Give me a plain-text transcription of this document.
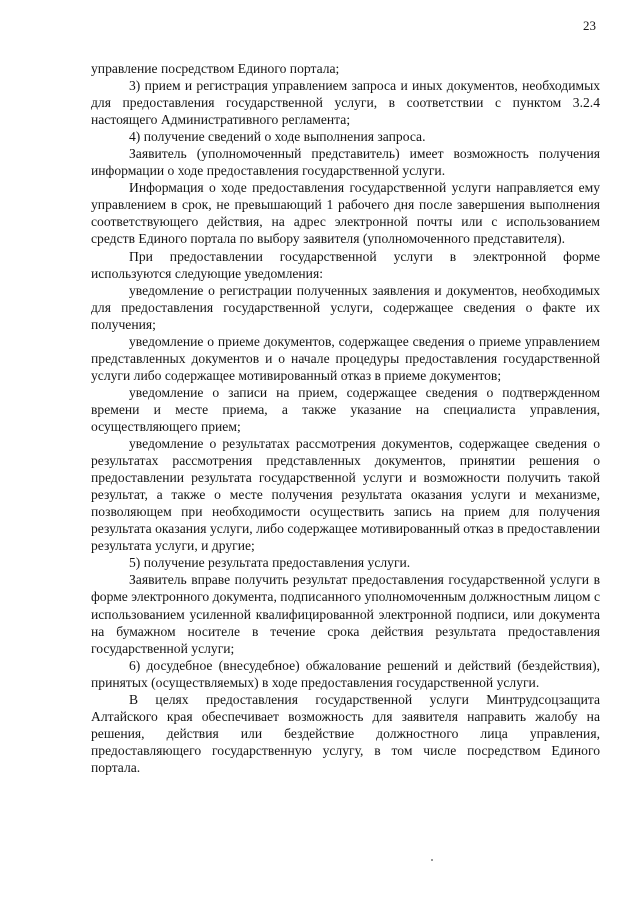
23

управление посредством Единого портала;

3) прием и регистрация управлением запроса и иных документов, необходимых для предоставления государственной услуги, в соответствии с пунктом 3.2.4 настоящего Административного регламента;

4) получение сведений о ходе выполнения запроса.

Заявитель (уполномоченный представитель) имеет возможность получения информации о ходе предоставления государственной услуги.

Информация о ходе предоставления государственной услуги направляется ему управлением в срок, не превышающий 1 рабочего дня после завершения выполнения соответствующего действия, на адрес электронной почты или с использованием средств Единого портала по выбору заявителя (уполномоченного представителя).

При предоставлении государственной услуги в электронной форме используются следующие уведомления:

уведомление о регистрации полученных заявления и документов, необходимых для предоставления государственной услуги, содержащее сведения о факте их получения;

уведомление о приеме документов, содержащее сведения о приеме управлением представленных документов и о начале процедуры предоставления государственной услуги либо содержащее мотивированный отказ в приеме документов;

уведомление о записи на прием, содержащее сведения о подтвержденном времени и месте приема, а также указание на специалиста управления, осуществляющего прием;

уведомление о результатах рассмотрения документов, содержащее сведения о результатах рассмотрения представленных документов, принятии решения о предоставлении результата государственной услуги и возможности получить такой результат, а также о месте получения результата оказания услуги и механизме, позволяющем при необходимости осуществить запись на прием для получения результата оказания услуги, либо содержащее мотивированный отказ в предоставлении результата услуги, и другие;

5) получение результата предоставления услуги.

Заявитель вправе получить результат предоставления государственной услуги в форме электронного документа, подписанного уполномоченным должностным лицом с использованием усиленной квалифицированной электронной подписи, или документа на бумажном носителе в течение срока действия результата предоставления государственной услуги;

6) досудебное (внесудебное) обжалование решений и действий (бездействия), принятых (осуществляемых) в ходе предоставления государственной услуги.

В целях предоставления государственной услуги Минтрудсоцзащита Алтайского края обеспечивает возможность для заявителя направить жалобу на решения, действия или бездействие должностного лица управления, предоставляющего государственную услугу, в том числе посредством Единого портала.
